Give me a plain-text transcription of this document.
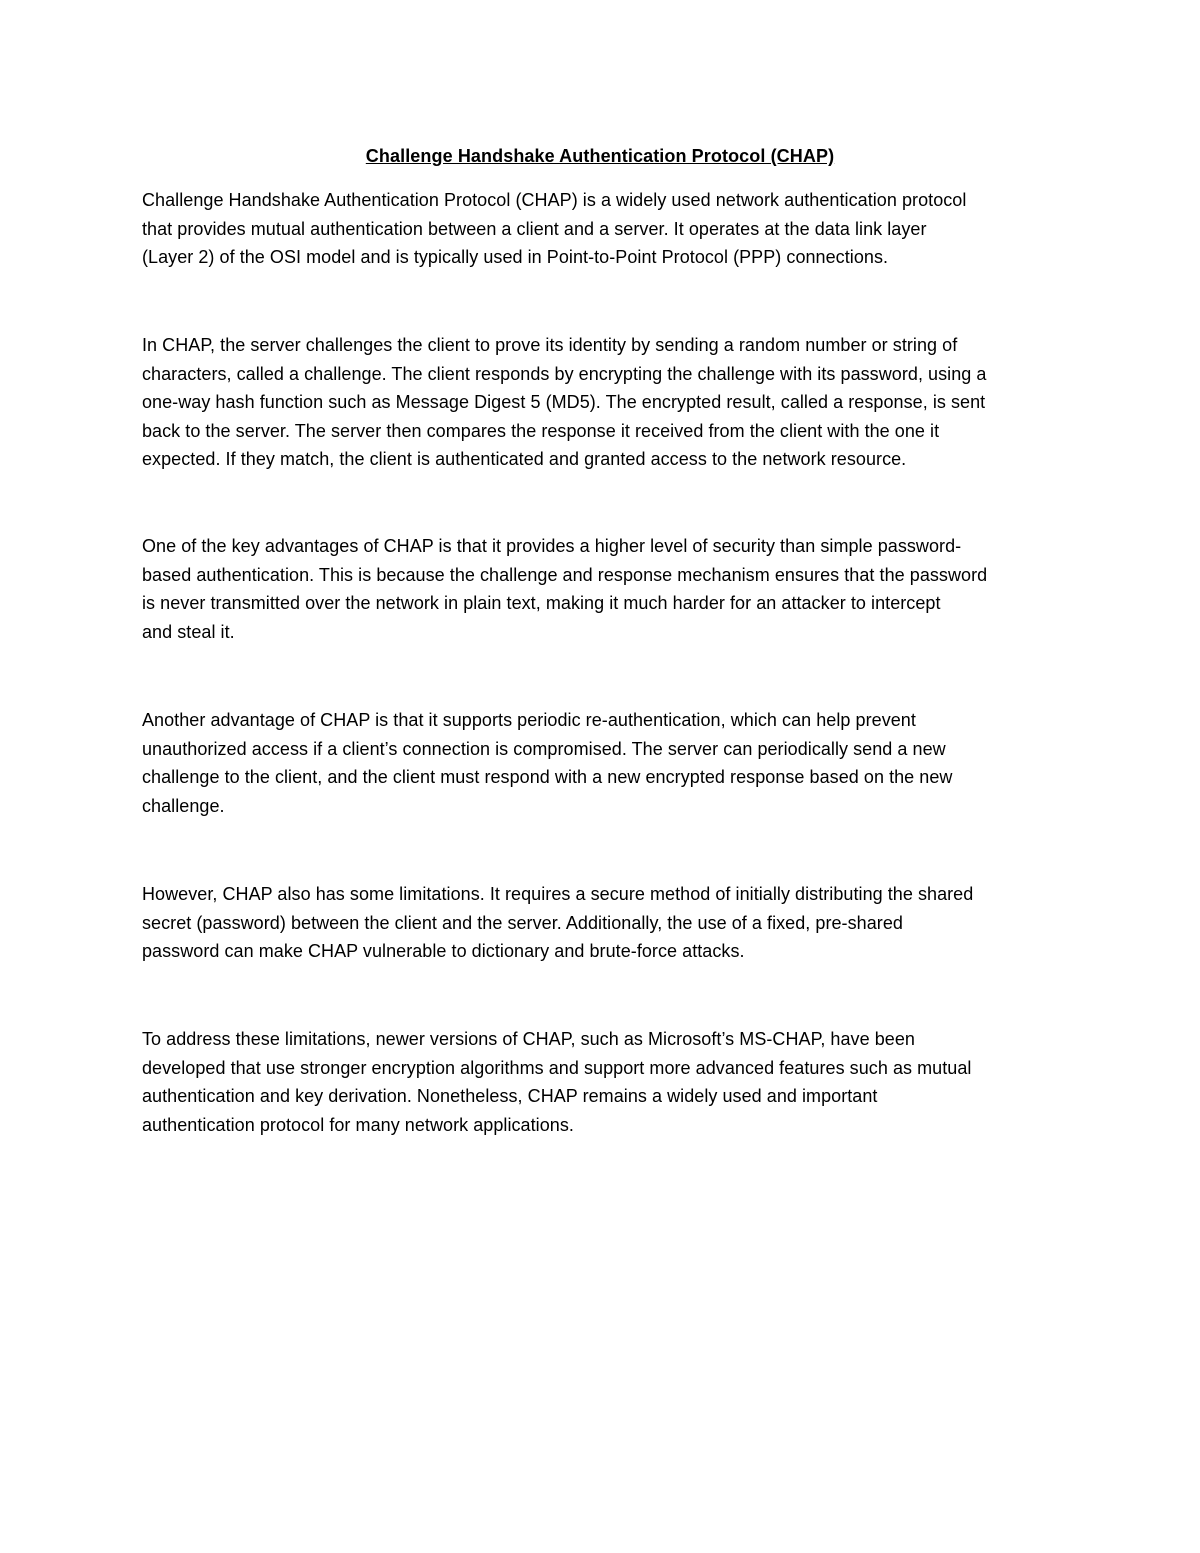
Challenge Handshake Authentication Protocol (CHAP)

Challenge Handshake Authentication Protocol (CHAP) is a widely used network authentication protocol
that provides mutual authentication between a client and a server. It operates at the data link layer
(Layer 2) of the OSI model and is typically used in Point-to-Point Protocol (PPP) connections.

In CHAP, the server challenges the client to prove its identity by sending a random number or string of
characters, called a challenge. The client responds by encrypting the challenge with its password, using a
one-way hash function such as Message Digest 5 (MD5). The encrypted result, called a response, is sent
back to the server. The server then compares the response it received from the client with the one it
expected. If they match, the client is authenticated and granted access to the network resource.

One of the key advantages of CHAP is that it provides a higher level of security than simple password-
based authentication. This is because the challenge and response mechanism ensures that the password
is never transmitted over the network in plain text, making it much harder for an attacker to intercept
and steal it.

Another advantage of CHAP is that it supports periodic re-authentication, which can help prevent
unauthorized access if a client’s connection is compromised. The server can periodically send a new
challenge to the client, and the client must respond with a new encrypted response based on the new
challenge.

However, CHAP also has some limitations. It requires a secure method of initially distributing the shared
secret (password) between the client and the server. Additionally, the use of a fixed, pre-shared
password can make CHAP vulnerable to dictionary and brute-force attacks.

To address these limitations, newer versions of CHAP, such as Microsoft’s MS-CHAP, have been
developed that use stronger encryption algorithms and support more advanced features such as mutual
authentication and key derivation. Nonetheless, CHAP remains a widely used and important
authentication protocol for many network applications.
